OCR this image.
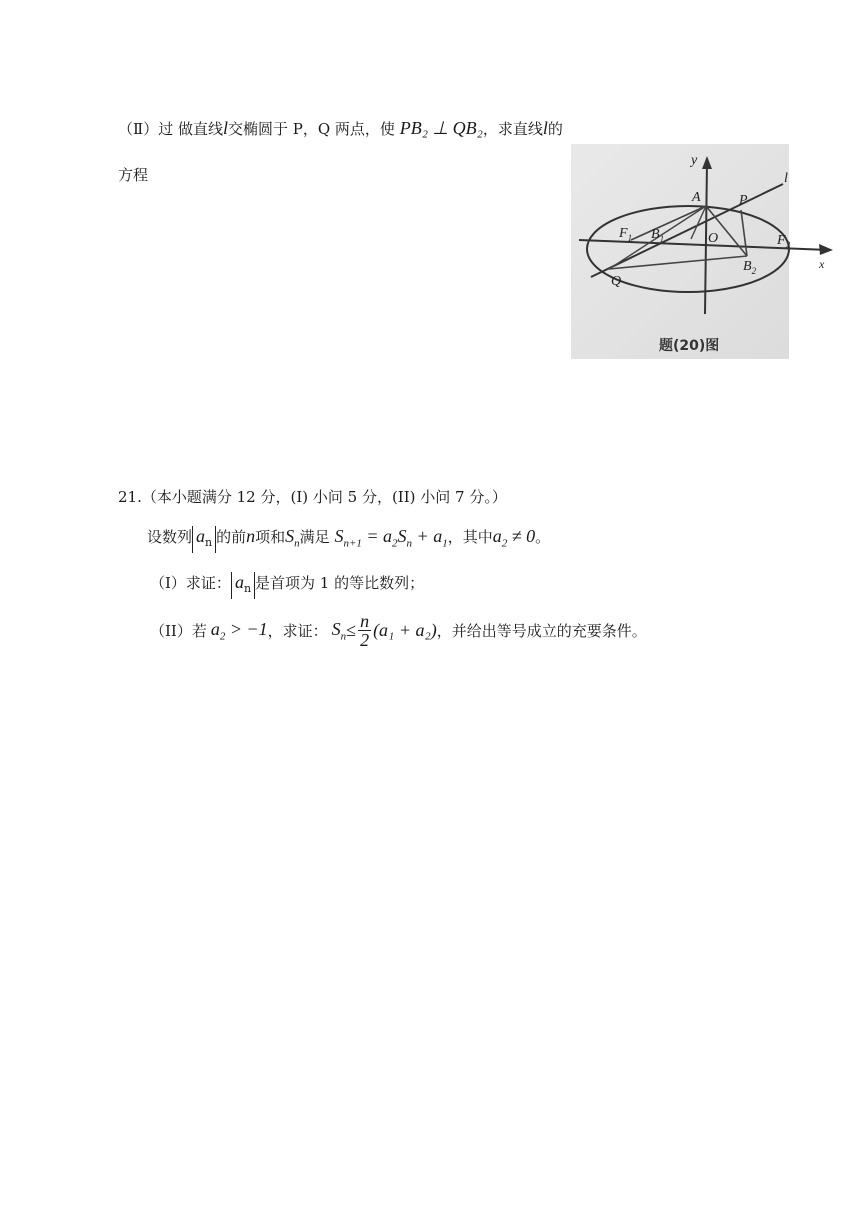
（Ⅱ）过 做直线l交椭圆于 P，Q 两点，使 PB₂ ⊥ QB₂，求直线l的
方程
y
x
A	P
l
$F_1$ $B_1$	O	$F_2$
$B_2$
Q
题(20)图
21.（本小题满分 12 分，(I) 小问 5 分，(II) 小问 7 分。）
设数列 $a_n$ 的前n项和$S_n$满足 $S_{n+1} = a_2S_n + a_1$，其中$a_2 \ne 0$。
（I）求证： $a_n$ 是首项为 1 的等比数列；
（II）若 $a_2 > -1$ ，求证： $S_n \le \frac{n}{2} (a_1 + a_2)$ ，并给出等号成立的充要条件。
